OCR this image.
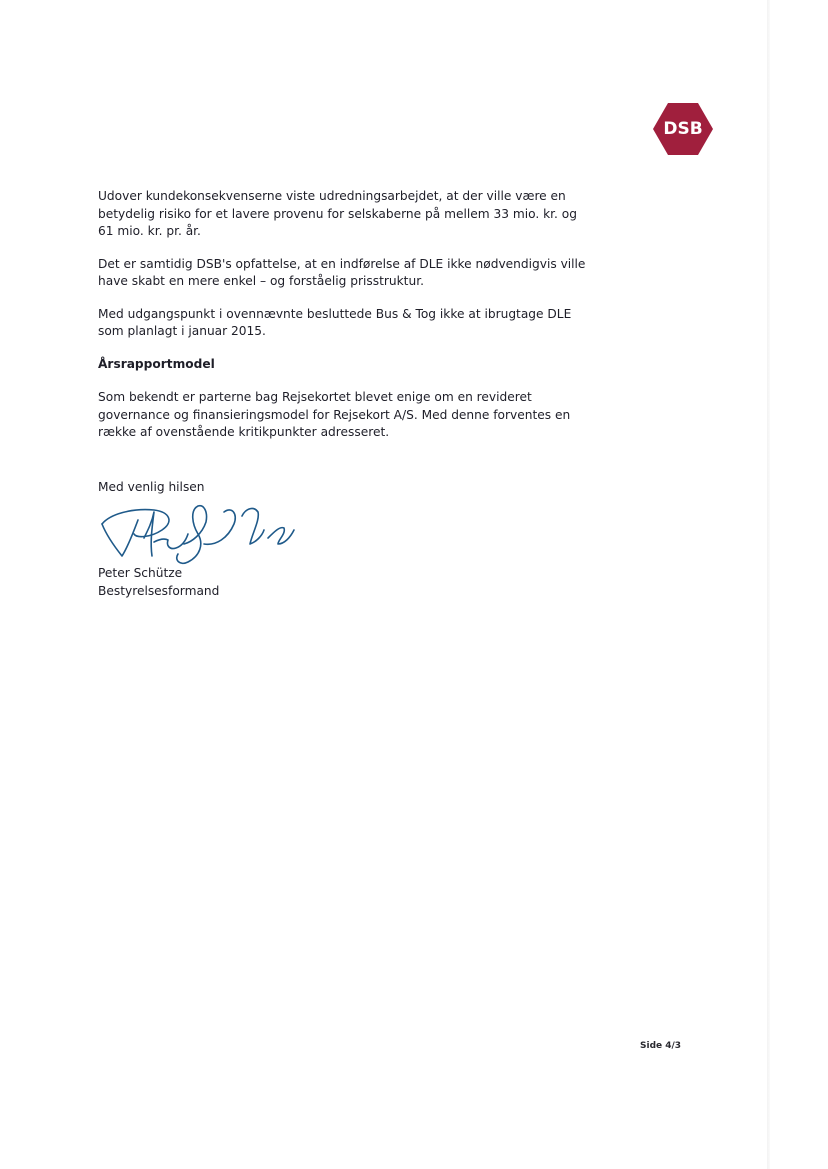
DSB

Udover kundekonsekvenserne viste udredningsarbejdet, at der ville være en betydelig risiko for et lavere provenu for selskaberne på mellem 33 mio. kr. og 61 mio. kr. pr. år.

Det er samtidig DSB's opfattelse, at en indførelse af DLE ikke nødvendigvis ville have skabt en mere enkel – og forståelig prisstruktur.

Med udgangspunkt i ovennævnte besluttede Bus & Tog ikke at ibrugtage DLE som planlagt i januar 2015.

Årsrapportmodel

Som bekendt er parterne bag Rejsekortet blevet enige om en revideret governance og finansieringsmodel for Rejsekort A/S. Med denne forventes en række af ovenstående kritikpunkter adresseret.

Med venlig hilsen
Peter Schütze
Bestyrelsesformand
Side 4/3
